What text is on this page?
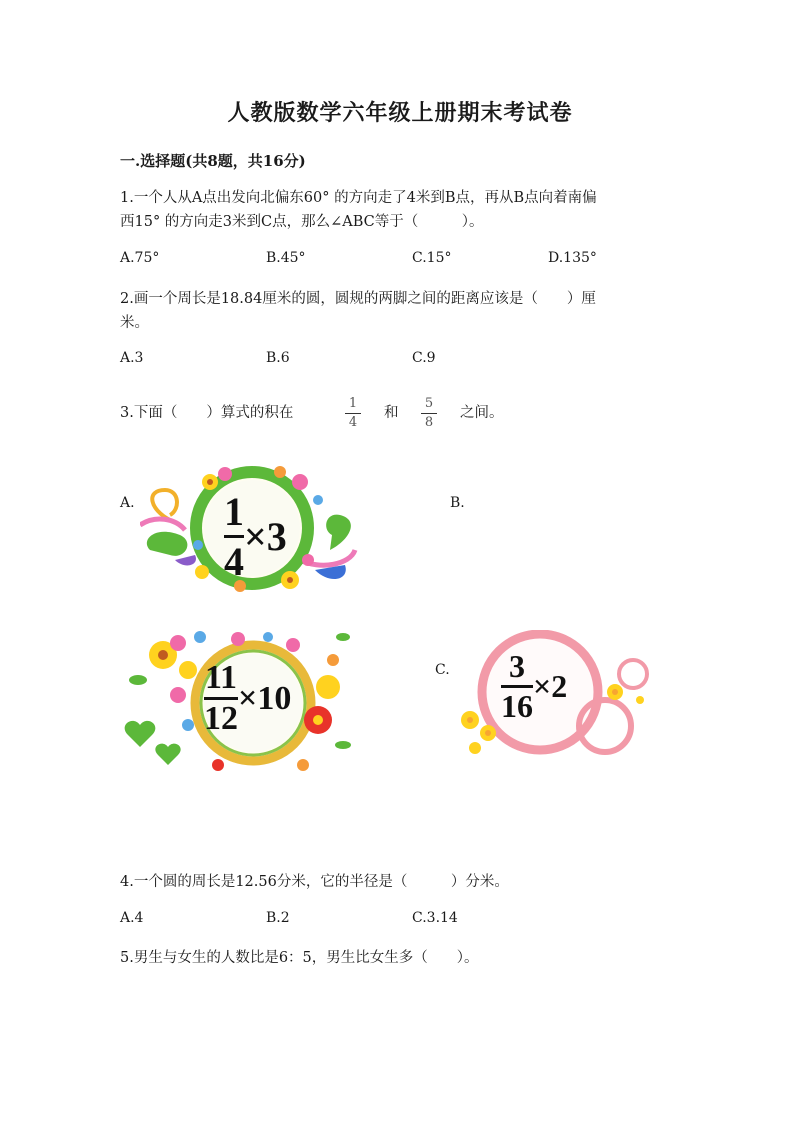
人教版数学六年级上册期末考试卷
一.选择题(共8题，共16分)
1.一个人从A点出发向北偏东60° 的方向走了4米到B点，再从B点向着南偏
西15° 的方向走3米到C点，那么∠ABC等于（　　　）。
A.75°	B.45°	C.15°	D.135°
2.画一个周长是18.84厘米的圆，圆规的两脚之间的距离应该是（　　）厘
米。
A.3	B.6	C.9
3.下面（　　）算式的积在
1
4
和
5
8
之间。
A.	B.
C.
1
4
×3
11
12
×10
3
16
×2
4.一个圆的周长是12.56分米，它的半径是（　　　）分米。
A.4	B.2	C.3.14
5.男生与女生的人数比是6：5，男生比女生多（　　）。
